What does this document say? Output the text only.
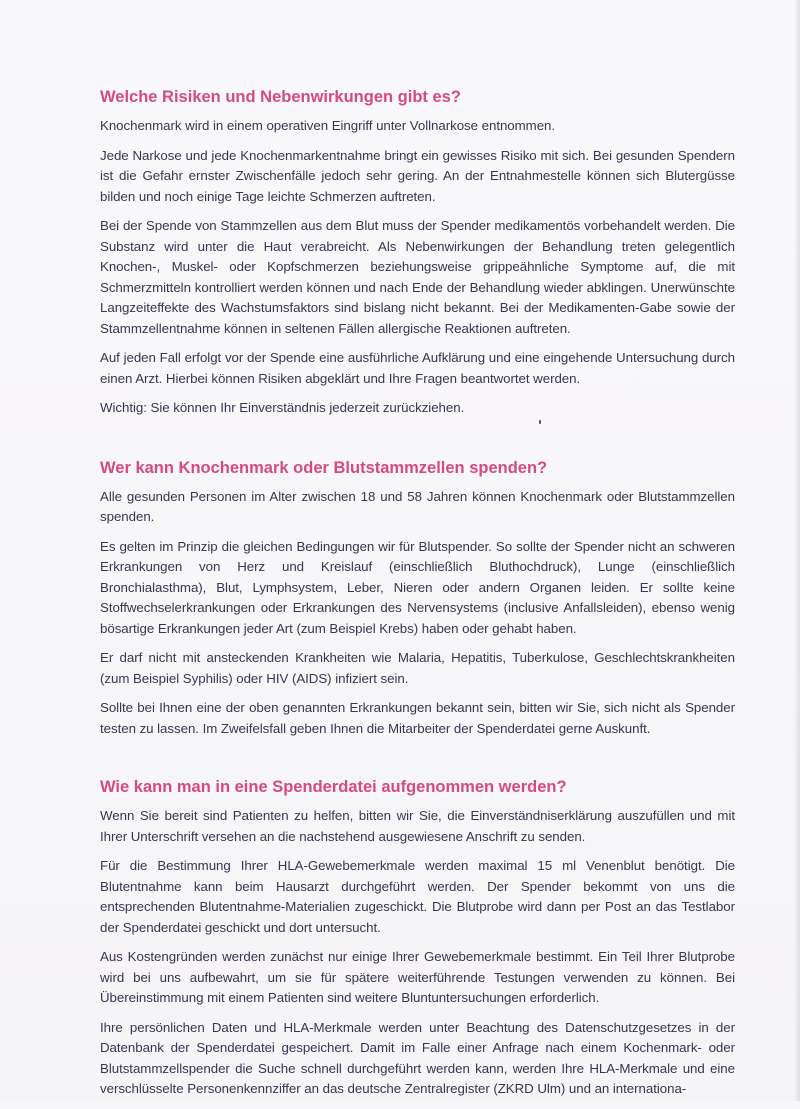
Welche Risiken und Nebenwirkungen gibt es?

Knochenmark wird in einem operativen Eingriff unter Vollnarkose entnommen.

Jede Narkose und jede Knochenmarkentnahme bringt ein gewisses Risiko mit sich. Bei gesunden Spendern ist die Gefahr ernster Zwischenfälle jedoch sehr gering. An der Entnahmestelle können sich Blutergüsse bilden und noch einige Tage leichte Schmerzen auftreten.

Bei der Spende von Stammzellen aus dem Blut muss der Spender medikamentös vorbehandelt werden. Die Substanz wird unter die Haut verabreicht. Als Nebenwirkungen der Behandlung treten gelegentlich Knochen-, Muskel- oder Kopfschmerzen beziehungsweise grippeähnliche Symptome auf, die mit Schmerzmitteln kontrolliert werden können und nach Ende der Behandlung wieder abklingen. Unerwünschte Langzeiteffekte des Wachstumsfaktors sind bislang nicht bekannt. Bei der Medikamenten-Gabe sowie der Stammzellentnahme können in seltenen Fällen allergische Reaktionen auftreten.

Auf jeden Fall erfolgt vor der Spende eine ausführliche Aufklärung und eine eingehende Untersuchung durch einen Arzt. Hierbei können Risiken abgeklärt und Ihre Fragen beantwortet werden.

Wichtig: Sie können Ihr Einverständnis jederzeit zurückziehen.

Wer kann Knochenmark oder Blutstammzellen spenden?

Alle gesunden Personen im Alter zwischen 18 und 58 Jahren können Knochenmark oder Blutstammzellen spenden.

Es gelten im Prinzip die gleichen Bedingungen wir für Blutspender. So sollte der Spender nicht an schweren Erkrankungen von Herz und Kreislauf (einschließlich Bluthochdruck), Lunge (einschließlich Bronchialasthma), Blut, Lymphsystem, Leber, Nieren oder andern Organen leiden. Er sollte keine Stoffwechselerkrankungen oder Erkrankungen des Nervensystems (inclusive Anfallsleiden), ebenso wenig bösartige Erkrankungen jeder Art (zum Beispiel Krebs) haben oder gehabt haben.

Er darf nicht mit ansteckenden Krankheiten wie Malaria, Hepatitis, Tuberkulose, Geschlechtskrankheiten (zum Beispiel Syphilis) oder HIV (AIDS) infiziert sein.

Sollte bei Ihnen eine der oben genannten Erkrankungen bekannt sein, bitten wir Sie, sich nicht als Spender testen zu lassen. Im Zweifelsfall geben Ihnen die Mitarbeiter der Spenderdatei gerne Auskunft.

Wie kann man in eine Spenderdatei aufgenommen werden?

Wenn Sie bereit sind Patienten zu helfen, bitten wir Sie, die Einverständniserklärung auszufüllen und mit Ihrer Unterschrift versehen an die nachstehend ausgewiesene Anschrift zu senden.

Für die Bestimmung Ihrer HLA-Gewebemerkmale werden maximal 15 ml Venenblut benötigt. Die Blutentnahme kann beim Hausarzt durchgeführt werden. Der Spender bekommt von uns die entsprechenden Blutentnahme-Materialien zugeschickt. Die Blutprobe wird dann per Post an das Testlabor der Spenderdatei geschickt und dort untersucht.

Aus Kostengründen werden zunächst nur einige Ihrer Gewebemerkmale bestimmt. Ein Teil Ihrer Blutprobe wird bei uns aufbewahrt, um sie für spätere weiterführende Testungen verwenden zu können. Bei Übereinstimmung mit einem Patienten sind weitere Bluntuntersuchungen erforderlich.

Ihre persönlichen Daten und HLA-Merkmale werden unter Beachtung des Datenschutzgesetzes in der Datenbank der Spenderdatei gespeichert. Damit im Falle einer Anfrage nach einem Kochenmark- oder Blutstammzellspender die Suche schnell durchgeführt werden kann, werden Ihre HLA-Merkmale und eine verschlüsselte Personenkennziffer an das deutsche Zentralregister (ZKRD Ulm) und an internationa-
